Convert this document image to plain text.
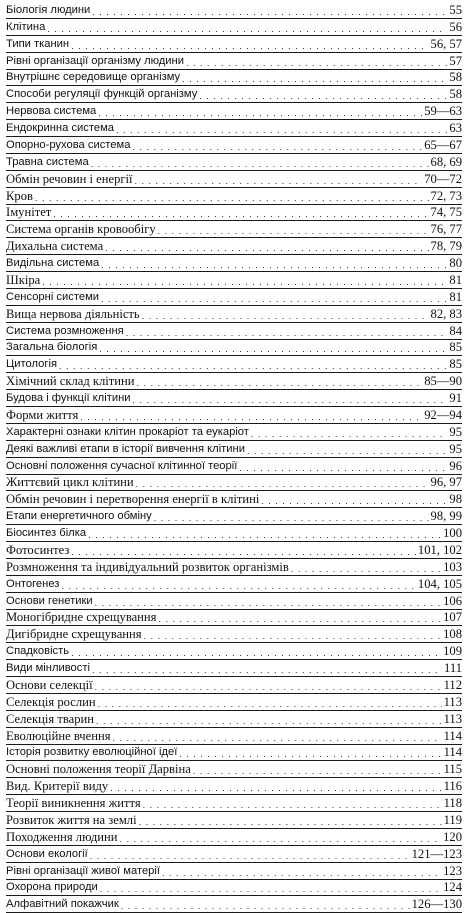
Біологія людини . . .	55
Клітина . . .	56
Типи тканин . . .	56, 57
Рівні організації організму людини . . .	57
Внутрішнє середовище організму . . .	58
Способи регуляції функцій організму . . .	58
Нервова система . . .	59—63
Ендокринна система . . .	63
Опорно-рухова система . . .	65—67
Травна система . . .	68, 69
Обмін речовин і енергії . . .	70—72
Кров . . .	72, 73
Імунітет . . .	74, 75
Система органів кровообігу . . .	76, 77
Дихальна система . . .	78, 79
Видільна система . . .	80
Шкіра . . .	81
Сенсорні системи . . .	81
Вища нервова діяльність . . .	82, 83
Система розмноження . . .	84
Загальна біологія . . .	85
Цитологія . . .	85
Хімічний склад клітини . . .	85—90
Будова і функції клітини . . .	91
Форми життя . . .	92—94
Характерні ознаки клітин прокаріот та еукаріот . . .	95
Деякі важливі етапи в історії вивчення клітини . . .	95
Основні положення сучасної клітинної теорії . . .	96
Життєвий цикл клітини . . .	96, 97
Обмін речовин і перетворення енергії в клітині . . .	98
Етапи енергетичного обміну . . .	98, 99
Біосинтез білка . . .	100
Фотосинтез . . .	101, 102
Розмноження та індивідуальний розвиток організмів . . .	103
Онтогенез . . .	104, 105
Основи генетики . . .	106
Моногібридне схрещування . . .	107
Дигібридне схрещування . . .	108
Спадковість . . .	109
Види мінливості . . .	111
Основи селекції . . .	112
Селекція рослин . . .	113
Селекція тварин . . .	113
Еволюційне вчення . . .	114
Історія розвитку еволюційної ідеї . . .	114
Основні положення теорії Дарвіна . . .	115
Вид. Критерії виду . . .	116
Теорії виникнення життя . . .	118
Розвиток життя на землі . . .	119
Походження людини . . .	120
Основи екології . . .	121—123
Рівні організації живої матерії . . .	123
Охорона природи . . .	124
Алфавітний покажчик . . .	126—130
